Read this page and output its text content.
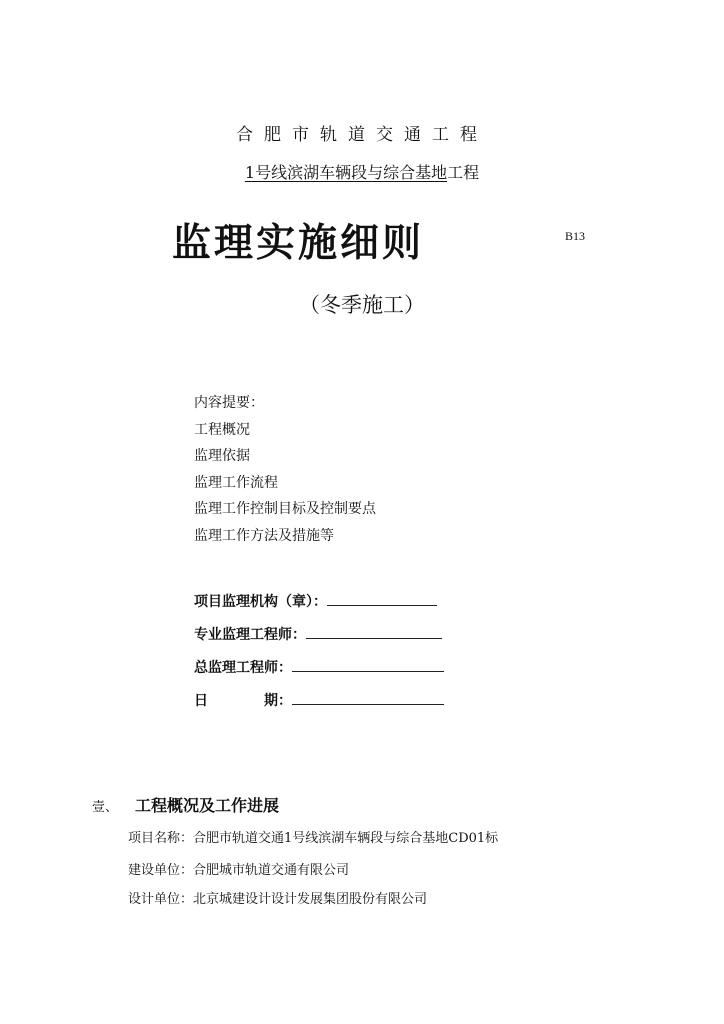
合肥市轨道交通工程
1号线滨湖车辆段与综合基地工程
监理实施细则	B13
（冬季施工）
内容提要：
工程概况
监理依据
监理工作流程
监理工作控制目标及控制要点
监理工作方法及措施等
项目监理机构（章）：
专业监理工程师：
总监理工程师：
日　　　　期：
壹、 工程概况及工作进展
项目名称：合肥市轨道交通1号线滨湖车辆段与综合基地CD01标
建设单位：合肥城市轨道交通有限公司
设计单位：北京城建设计设计发展集团股份有限公司
